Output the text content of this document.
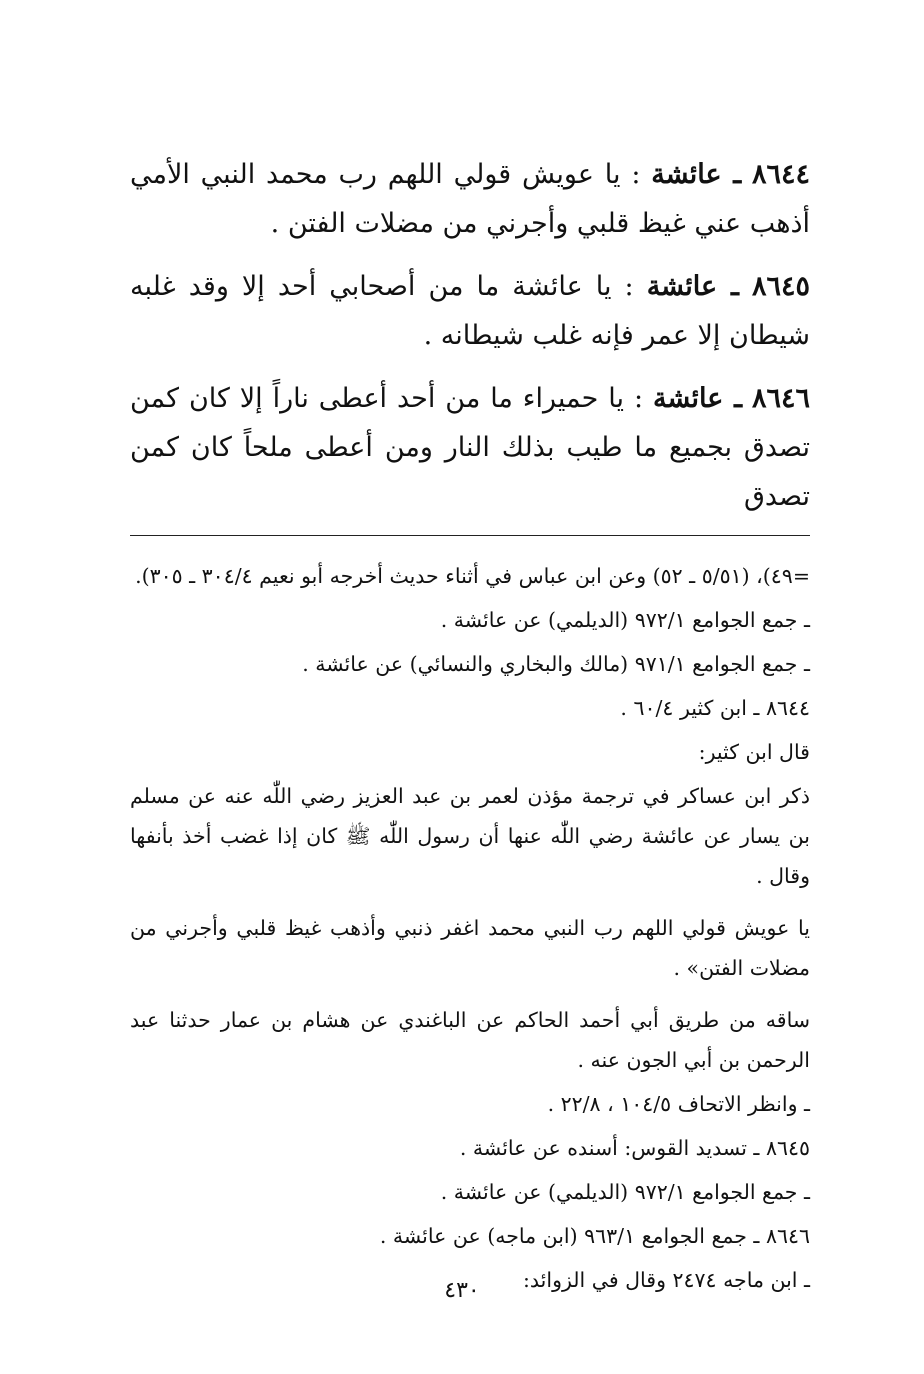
٨٦٤٤ ـ عائشة : يا عويش قولي اللهم رب محمد النبي الأمي أذهب عني غيظ قلبي وأجرني من مضلات الفتن .

٨٦٤٥ ـ عائشة : يا عائشة ما من أصحابي أحد إلا وقد غلبه شيطان إلا عمر فإنه غلب شيطانه .

٨٦٤٦ ـ عائشة : يا حميراء ما من أحد أعطى ناراً إلا كان كمن تصدق بجميع ما طيب بذلك النار ومن أعطى ملحاً كان كمن تصدق

=٤٩)، (٥/٥١ ـ ٥٢) وعن ابن عباس في أثناء حديث أخرجه أبو نعيم ٣٠٤/٤ ـ ٣٠٥).

ـ جمع الجوامع ٩٧٢/١ (الديلمي) عن عائشة .

ـ جمع الجوامع ٩٧١/١ (مالك والبخاري والنسائي) عن عائشة .

٨٦٤٤ ـ ابن كثير ٦٠/٤ .

قال ابن كثير:

ذكر ابن عساكر في ترجمة مؤذن لعمر بن عبد العزيز رضي اللّٰه عنه عن مسلم بن يسار عن عائشة رضي اللّٰه عنها أن رسول اللّٰه ﷺ كان إذا غضب أخذ بأنفها وقال .

يا عويش قولي اللهم رب النبي محمد اغفر ذنبي وأذهب غيظ قلبي وأجرني من مضلات الفتن» .

ساقه من طريق أبي أحمد الحاكم عن الباغندي عن هشام بن عمار حدثنا عبد الرحمن بن أبي الجون عنه .

ـ وانظر الاتحاف ١٠٤/٥ ، ٢٢/٨ .

٨٦٤٥ ـ تسديد القوس: أسنده عن عائشة .

ـ جمع الجوامع ٩٧٢/١ (الديلمي) عن عائشة .

٨٦٤٦ ـ جمع الجوامع ٩٦٣/١ (ابن ماجه) عن عائشة .

ـ ابن ماجه ٢٤٧٤ وقال في الزوائد:

٤٣٠
